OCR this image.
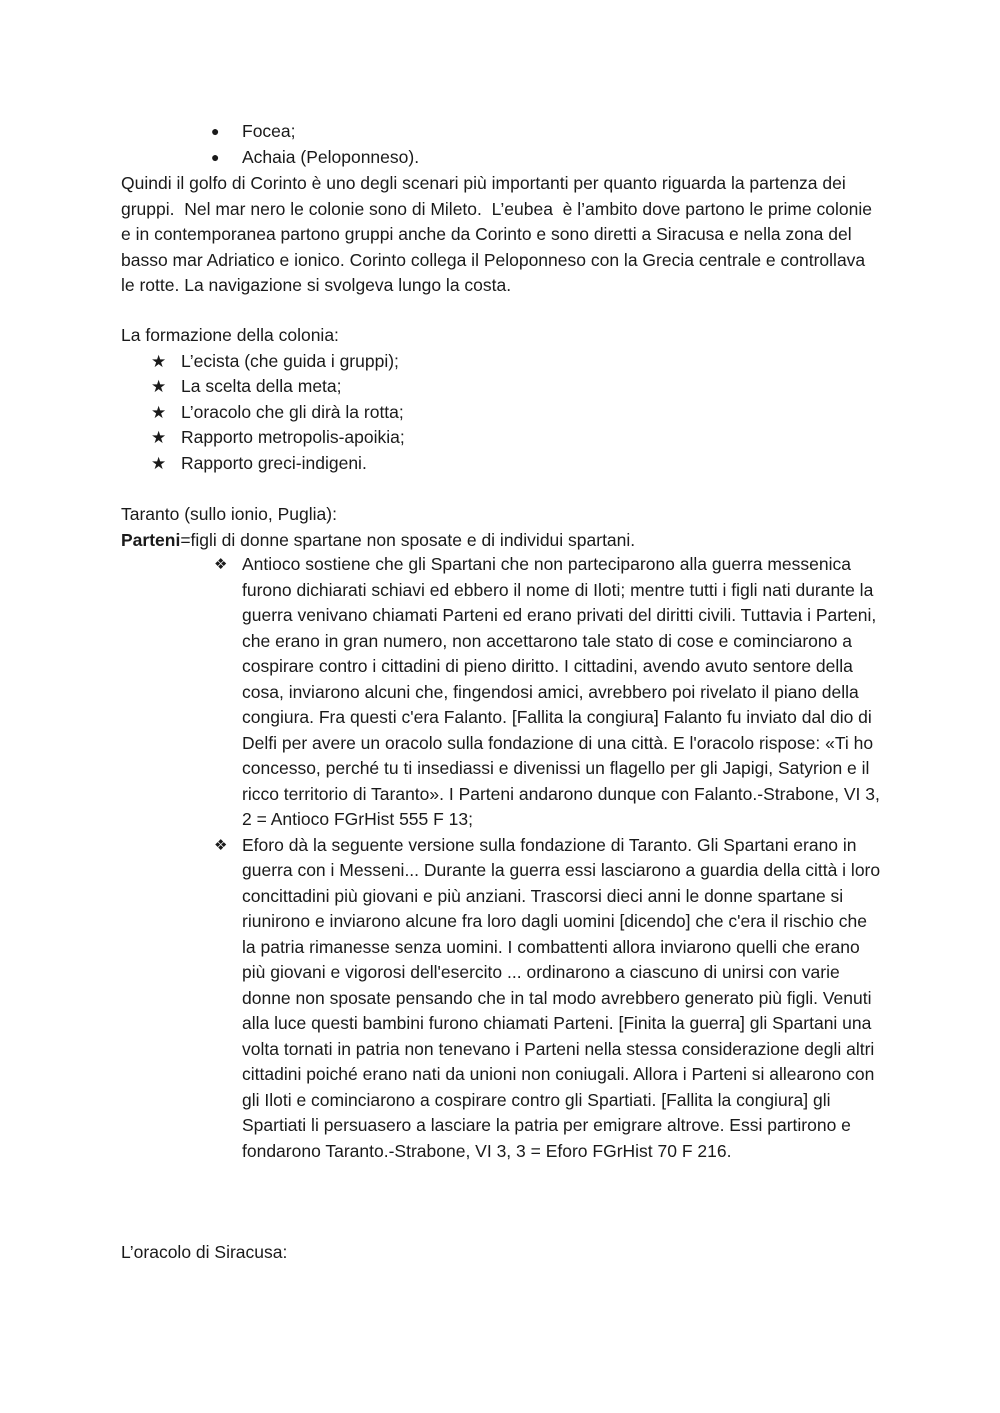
● Focea;
● Achaia (Peloponneso).

Quindi il golfo di Corinto è uno degli scenari più importanti per quanto riguarda la partenza dei gruppi.  Nel mar nero le colonie sono di Mileto.  L’eubea  è l’ambito dove partono le prime colonie e in contemporanea partono gruppi anche da Corinto e sono diretti a Siracusa e nella zona del basso mar Adriatico e ionico. Corinto collega il Peloponneso con la Grecia centrale e controllava le rotte. La navigazione si svolgeva lungo la costa.

La formazione della colonia:

★ L’ecista (che guida i gruppi);
★ La scelta della meta;
★ L’oracolo che gli dirà la rotta;
★ Rapporto metropolis-apoikia;
★ Rapporto greci-indigeni.

Taranto (sullo ionio, Puglia):

Parteni=figli di donne spartane non sposate e di individui spartani.

❖ Antioco sostiene che gli Spartani che non parteciparono alla guerra messenica furono dichiarati schiavi ed ebbero il nome di Iloti; mentre tutti i figli nati durante la guerra venivano chiamati Parteni ed erano privati del diritti civili. Tuttavia i Parteni, che erano in gran numero, non accettarono tale stato di cose e cominciarono a cospirare contro i cittadini di pieno diritto. I cittadini, avendo avuto sentore della cosa, inviarono alcuni che, fingendosi amici, avrebbero poi rivelato il piano della congiura. Fra questi c'era Falanto. [Fallita la congiura] Falanto fu inviato dal dio di Delfi per avere un oracolo sulla fondazione di una città. E l'oracolo rispose: «Ti ho concesso, perché tu ti insediassi e divenissi un flagello per gli Japigi, Satyrion e il ricco territorio di Taranto». I Parteni andarono dunque con Falanto.-Strabone, VI 3, 2 = Antioco FGrHist 555 F 13;
❖ Eforo dà la seguente versione sulla fondazione di Taranto. Gli Spartani erano in guerra con i Messeni... Durante la guerra essi lasciarono a guardia della città i loro concittadini più giovani e più anziani. Trascorsi dieci anni le donne spartane si riunirono e inviarono alcune fra loro dagli uomini [dicendo] che c'era il rischio che la patria rimanesse senza uomini. I combattenti allora inviarono quelli che erano più giovani e vigorosi dell'esercito ... ordinarono a ciascuno di unirsi con varie donne non sposate pensando che in tal modo avrebbero generato più figli. Venuti alla luce questi bambini furono chiamati Parteni. [Finita la guerra] gli Spartani una volta tornati in patria non tenevano i Parteni nella stessa considerazione degli altri cittadini poiché erano nati da unioni non coniugali. Allora i Parteni si allearono con gli Iloti e cominciarono a cospirare contro gli Spartiati. [Fallita la congiura] gli Spartiati li persuasero a lasciare la patria per emigrare altrove. Essi partirono e fondarono Taranto.-Strabone, VI 3, 3 = Eforo FGrHist 70 F 216.

L’oracolo di Siracusa:
